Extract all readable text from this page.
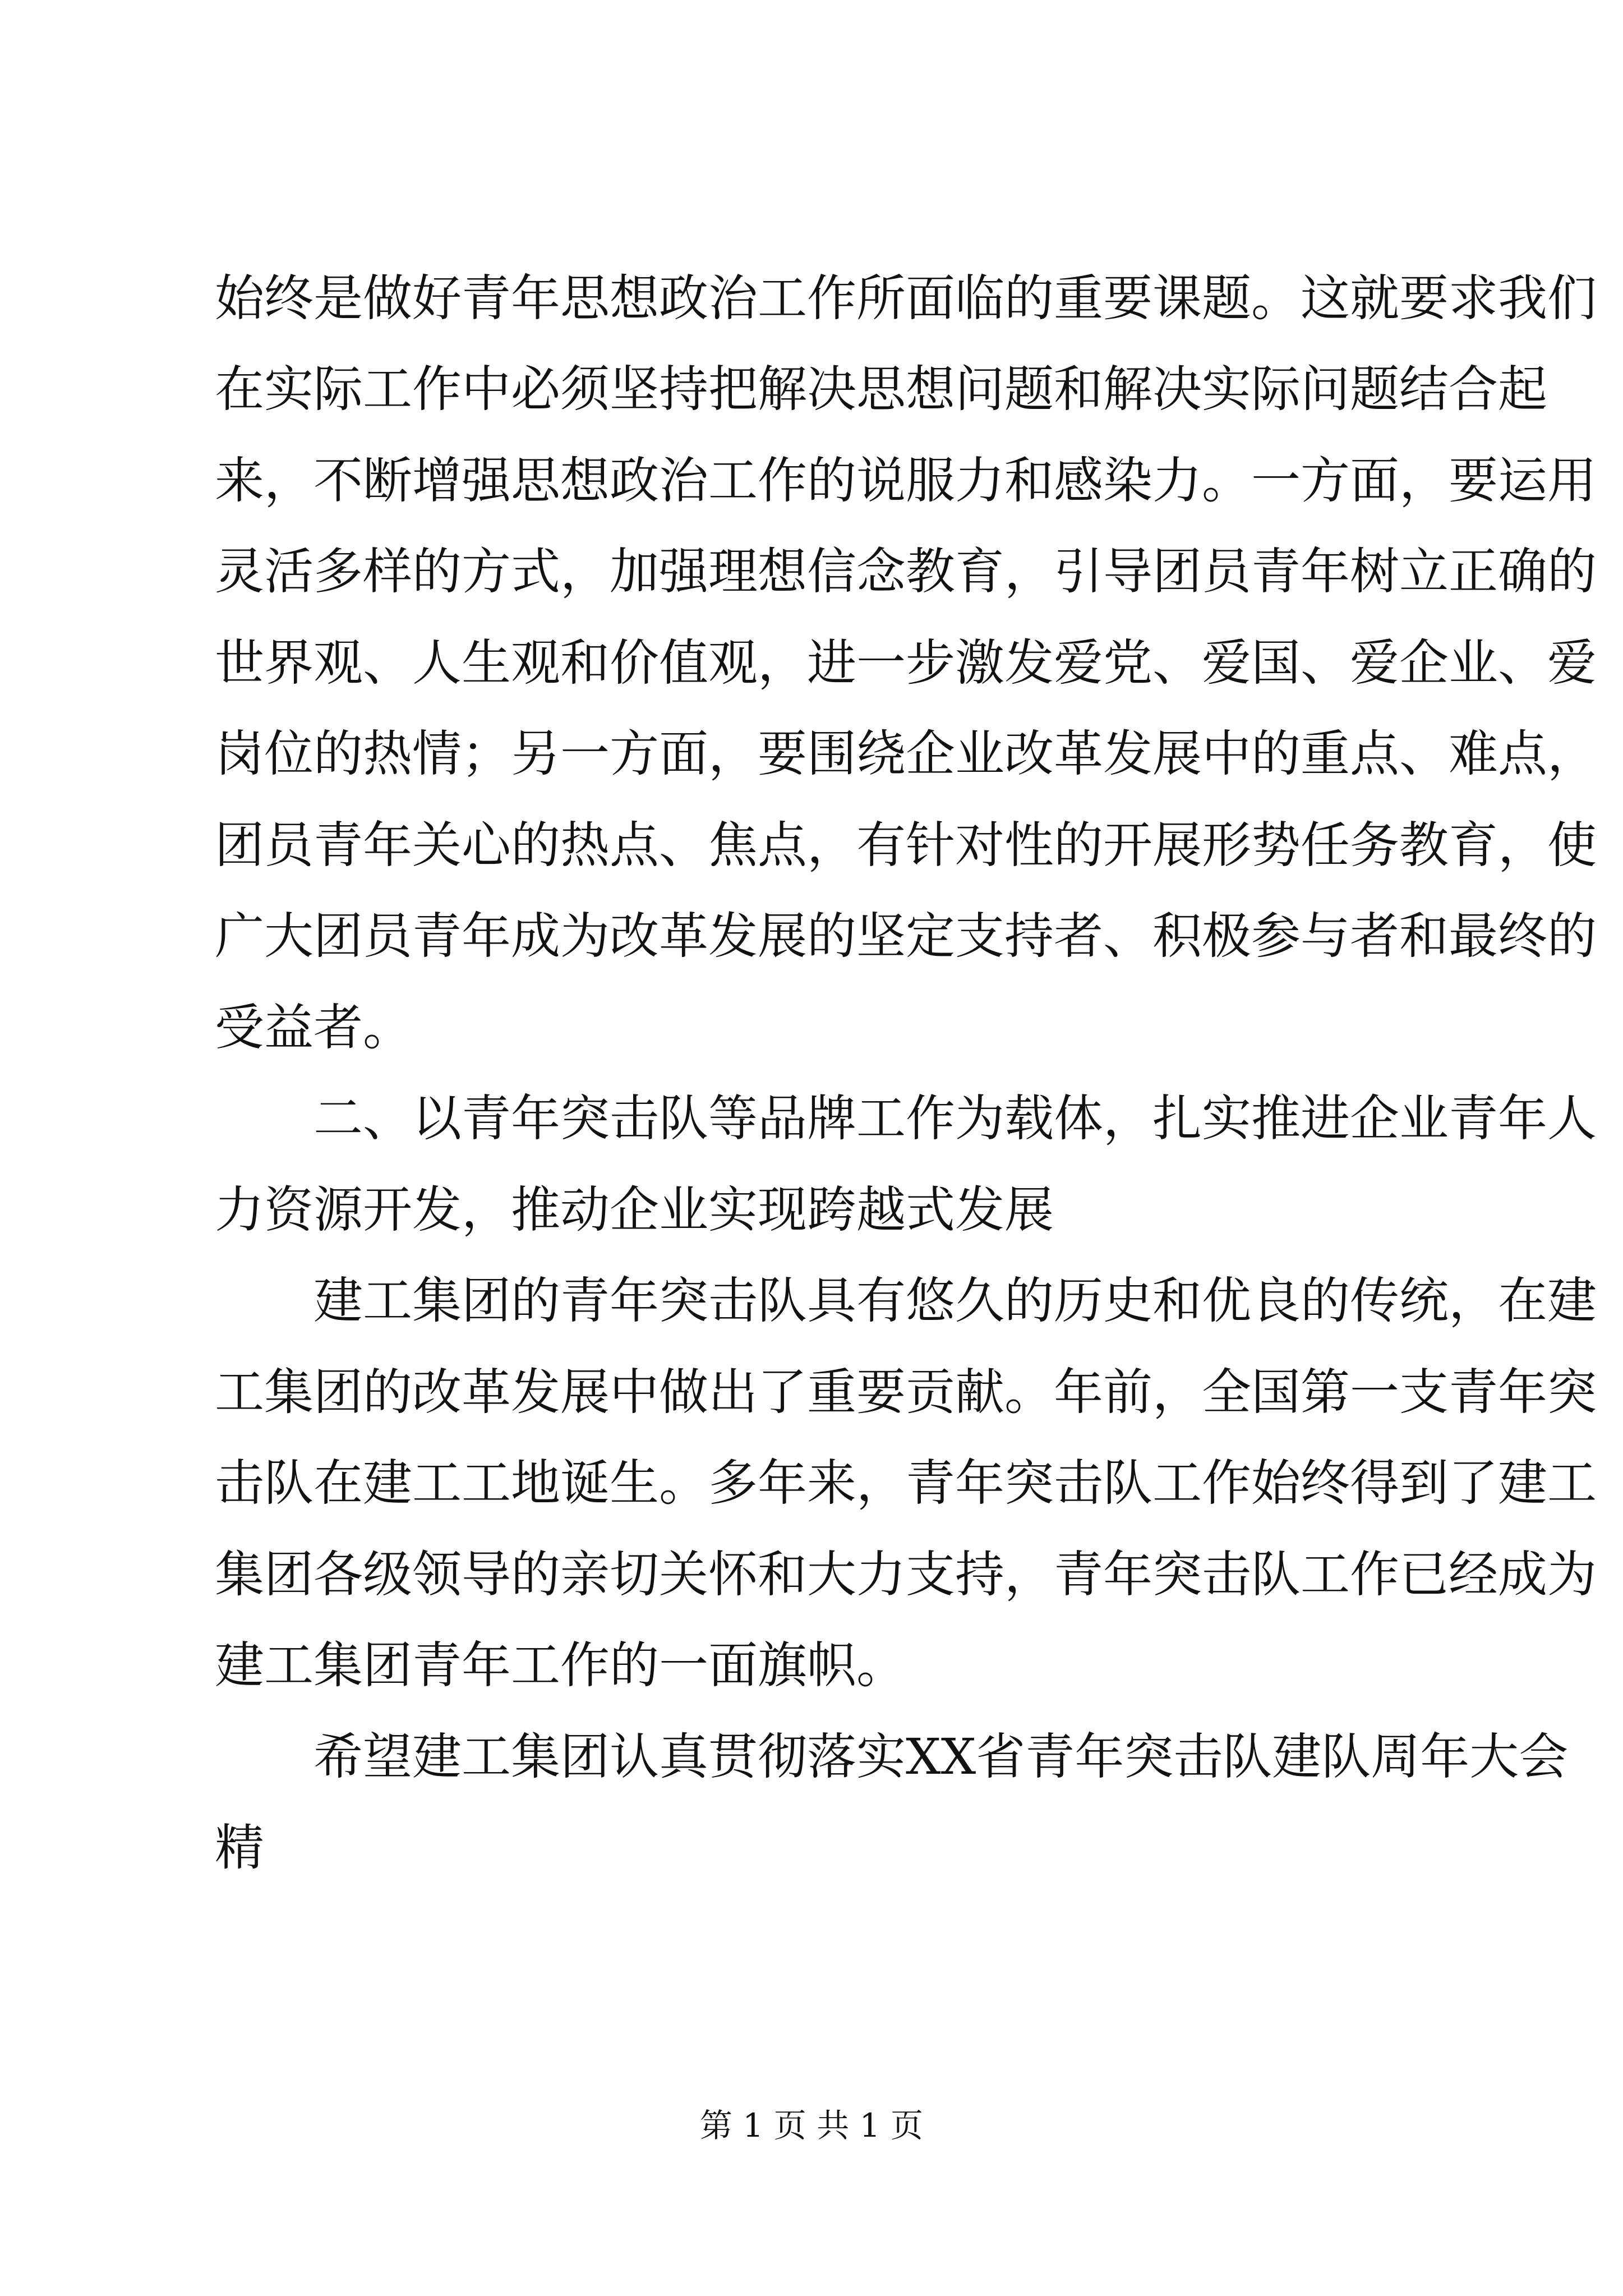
始终是做好青年思想政治工作所面临的重要课题。这就要求我们
在实际工作中必须坚持把解决思想问题和解决实际问题结合起
来，不断增强思想政治工作的说服力和感染力。一方面，要运用
灵活多样的方式，加强理想信念教育，引导团员青年树立正确的
世界观、人生观和价值观，进一步激发爱党、爱国、爱企业、爱
岗位的热情；另一方面，要围绕企业改革发展中的重点、难点，
团员青年关心的热点、焦点，有针对性的开展形势任务教育，使
广大团员青年成为改革发展的坚定支持者、积极参与者和最终的
受益者。
　　二、以青年突击队等品牌工作为载体，扎实推进企业青年人
力资源开发，推动企业实现跨越式发展
　　建工集团的青年突击队具有悠久的历史和优良的传统，在建
工集团的改革发展中做出了重要贡献。年前，全国第一支青年突
击队在建工工地诞生。多年来，青年突击队工作始终得到了建工
集团各级领导的亲切关怀和大力支持，青年突击队工作已经成为
建工集团青年工作的一面旗帜。
　　希望建工集团认真贯彻落实XX省青年突击队建队周年大会
精
第 1 页 共 1 页
